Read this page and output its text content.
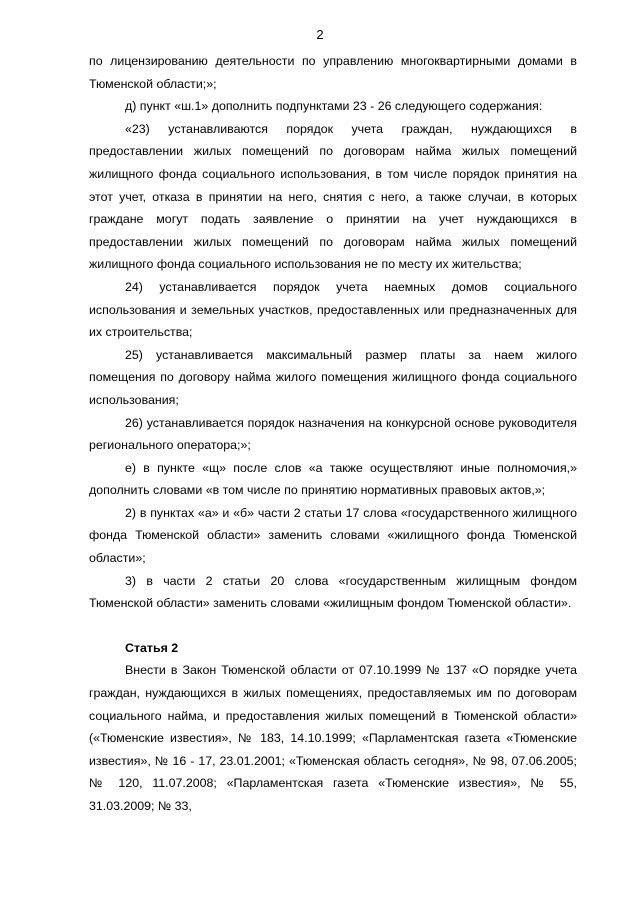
2

по лицензированию деятельности по управлению многоквартирными домами в Тюменской области;»;

д) пункт «ш.1» дополнить подпунктами 23 - 26 следующего содержания:

«23) устанавливаются порядок учета граждан, нуждающихся в предоставлении жилых помещений по договорам найма жилых помещений жилищного фонда социального использования, в том числе порядок принятия на этот учет, отказа в принятии на него, снятия с него, а также случаи, в которых граждане могут подать заявление о принятии на учет нуждающихся в предоставлении жилых помещений по договорам найма жилых помещений жилищного фонда социального использования не по месту их жительства;

24) устанавливается порядок учета наемных домов социального использования и земельных участков, предоставленных или предназначенных для их строительства;

25) устанавливается максимальный размер платы за наем жилого помещения по договору найма жилого помещения жилищного фонда социального использования;

26) устанавливается порядок назначения на конкурсной основе руководителя регионального оператора;»;

е) в пункте «щ» после слов «а также осуществляют иные полномочия,» дополнить словами «в том числе по принятию нормативных правовых актов,»;

2) в пунктах «а» и «б» части 2 статьи 17 слова «государственного жилищного фонда Тюменской области» заменить словами «жилищного фонда Тюменской области»;

3) в части 2 статьи 20 слова «государственным жилищным фондом Тюменской области» заменить словами «жилищным фондом Тюменской области».

Статья 2

Внести в Закон Тюменской области от 07.10.1999 № 137 «О порядке учета граждан, нуждающихся в жилых помещениях, предоставляемых им по договорам социального найма, и предоставления жилых помещений в Тюменской области» («Тюменские известия», № 183, 14.10.1999; «Парламентская газета «Тюменские известия», № 16 - 17, 23.01.2001; «Тюменская область сегодня», № 98, 07.06.2005; № 120, 11.07.2008; «Парламентская газета «Тюменские известия», № 55, 31.03.2009; № 33,
